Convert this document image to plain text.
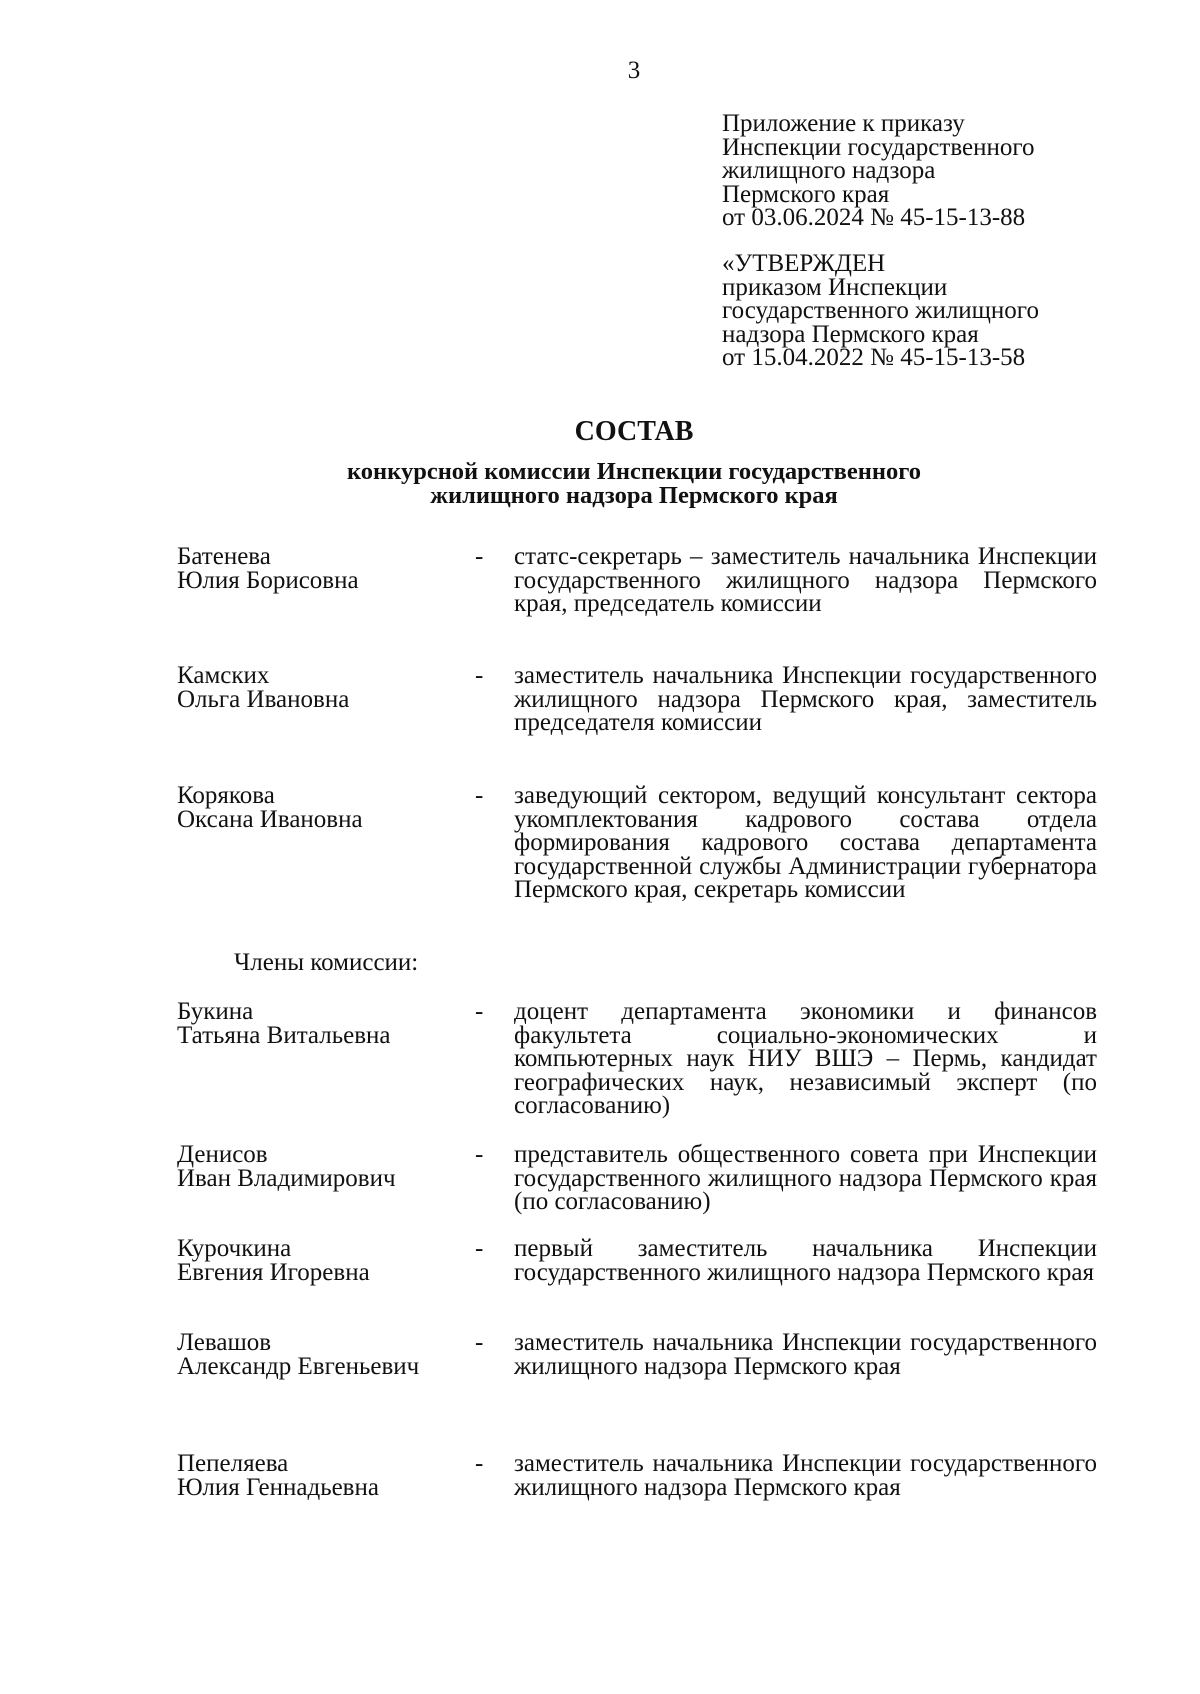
3
Приложение к приказу
Инспекции государственного
жилищного надзора
Пермского края
от 03.06.2024 № 45-15-13-88
«УТВЕРЖДЕН
приказом Инспекции
государственного жилищного
надзора Пермского края
от 15.04.2022 № 45-15-13-58
СОСТАВ
конкурсной комиссии Инспекции государственного
жилищного надзора Пермского края
Батенева
Юлия Борисовна
- статс-секретарь – заместитель начальника Инспекции государственного жилищного надзора Пермского края, председатель комиссии
Камских
Ольга Ивановна
- заместитель начальника Инспекции государственного жилищного надзора Пермского края, заместитель председателя комиссии
Корякова
Оксана Ивановна
- заведующий сектором, ведущий консультант сектора укомплектования кадрового состава отдела формирования кадрового состава департамента государственной службы Администрации губернатора Пермского края, секретарь комиссии
Члены комиссии:
Букина
Татьяна Витальевна
- доцент департамента экономики и финансов факультета социально-экономических и компьютерных наук НИУ ВШЭ – Пермь, кандидат географических наук, независимый эксперт (по согласованию)
Денисов
Иван Владимирович
- представитель общественного совета при Инспекции государственного жилищного надзора Пермского края (по согласованию)
Курочкина
Евгения Игоревна
- первый заместитель начальника Инспекции государственного жилищного надзора Пермского края
Левашов
Александр Евгеньевич
- заместитель начальника Инспекции государственного жилищного надзора Пермского края
Пепеляева
Юлия Геннадьевна
- заместитель начальника Инспекции государственного жилищного надзора Пермского края
